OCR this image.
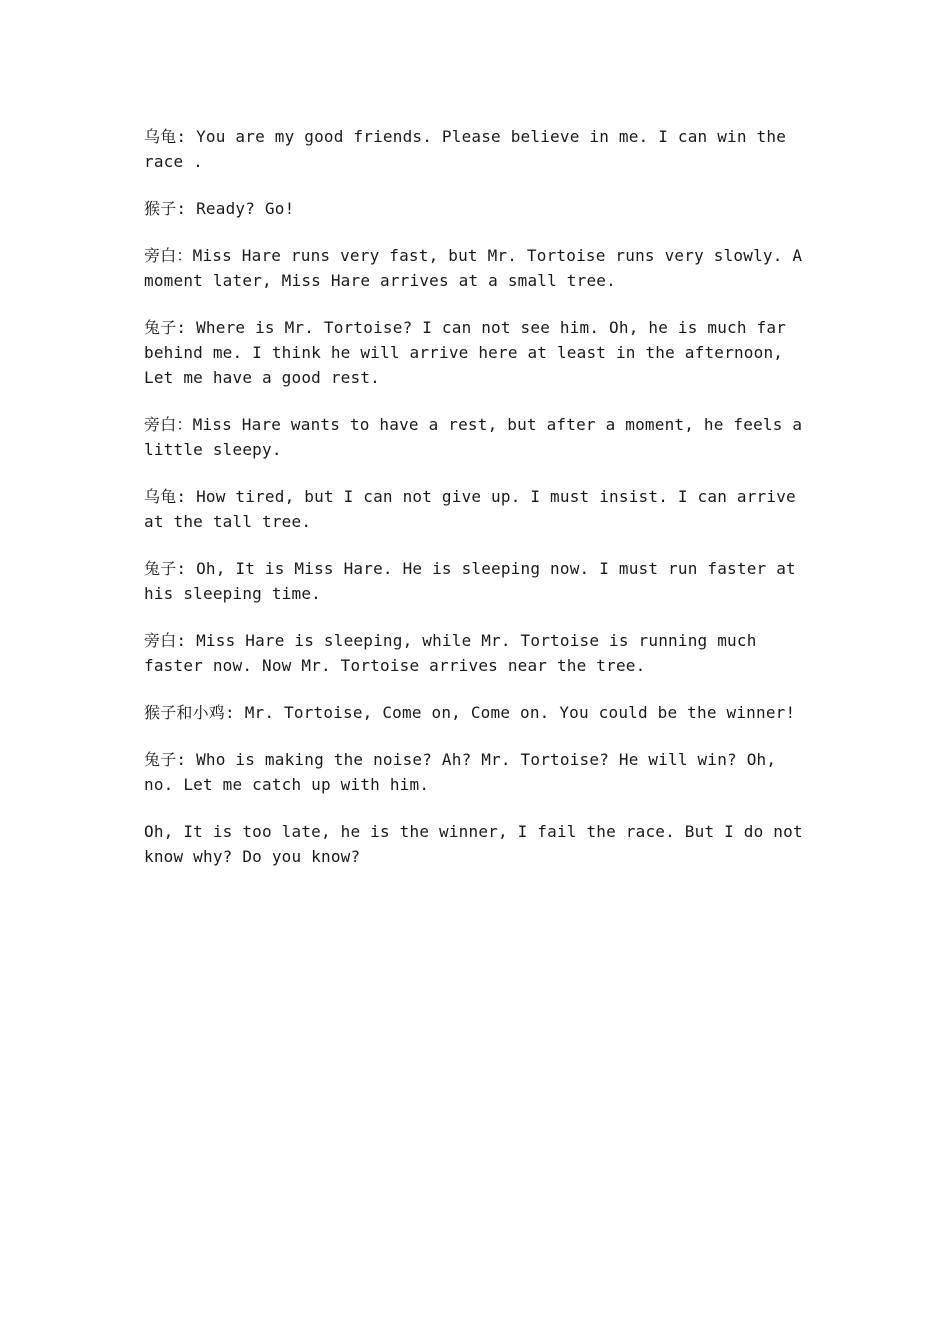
乌龟: You are my good friends. Please believe in me. I can win the race .

猴子: Ready? Go!

旁白：Miss Hare runs very fast, but Mr. Tortoise runs very slowly. A moment later, Miss Hare arrives at a small tree.

兔子: Where is Mr. Tortoise? I can not see him. Oh, he is much far behind me. I think he will arrive here at least in the afternoon, Let me have a good rest.

旁白：Miss Hare wants to have a rest, but after a moment, he feels a little sleepy.

乌龟: How tired, but I can not give up. I must insist. I can arrive at the tall tree.

兔子: Oh, It is Miss Hare. He is sleeping now. I must run faster at his sleeping time.

旁白: Miss Hare is sleeping, while Mr. Tortoise is running much faster now. Now Mr. Tortoise arrives near the tree.

猴子和小鸡: Mr. Tortoise, Come on, Come on. You could be the winner!

兔子: Who is making the noise? Ah? Mr. Tortoise? He will win? Oh, no. Let me catch up with him.

Oh, It is too late, he is the winner, I fail the race. But I do not know why? Do you know?
